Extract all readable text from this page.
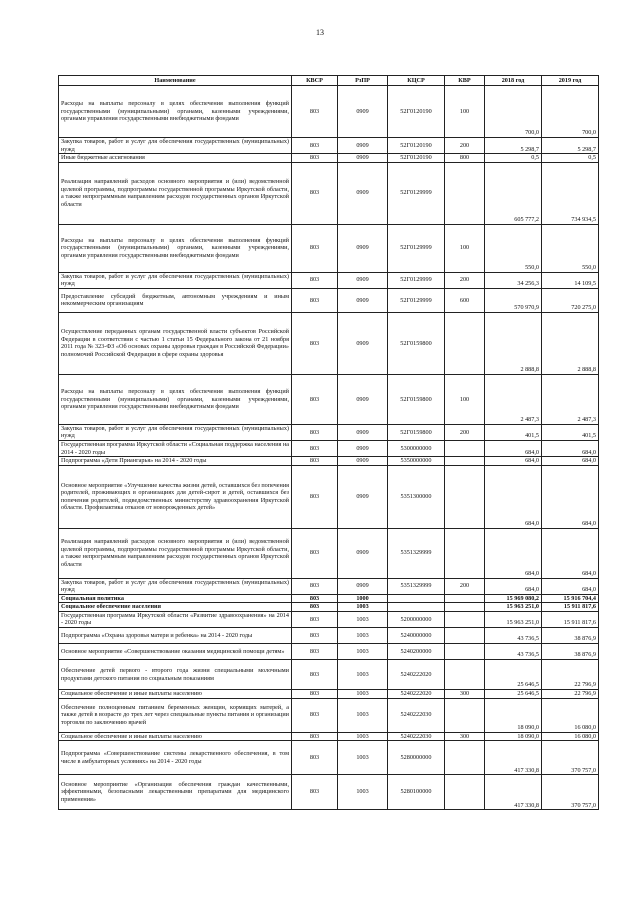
13
Наименование	КВСР	РзПР	КЦСР	КВР	2018 год	2019 год
Расходы на выплаты персоналу в целях обеспечения выполнения функций государственными (муниципальными) органами, казенными учреждениями, органами управления государственными внебюджетными фондами	803	0909	52Г0120190	100	700,0	700,0
Закупка товаров, работ и услуг для обеспечения государственных (муниципальных) нужд	803	0909	52Г0120190	200	5 298,7	5 298,7
Иные бюджетные ассигнования	803	0909	52Г0120190	800	0,5	0,5
Реализация направлений расходов основного мероприятия и (или) ведомственной целевой программы, подпрограммы государственной программы Иркутской области, а также непрограммным направлениям расходов государственных органов Иркутской области	803	0909	52Г0129999		605 777,2	734 934,5
Расходы на выплаты персоналу в целях обеспечения выполнения функций государственными (муниципальными) органами, казенными учреждениями, органами управления государственными внебюджетными фондами	803	0909	52Г0129999	100	550,0	550,0
Закупка товаров, работ и услуг для обеспечения государственных (муниципальных) нужд	803	0909	52Г0129999	200	34 256,3	14 109,5
Предоставление субсидий бюджетным, автономным учреждениям и иным некоммерческим организациям	803	0909	52Г0129999	600	570 970,9	720 275,0
Осуществление переданных органам государственной власти субъектов Российской Федерации в соответствии с частью 1 статьи 15 Федерального закона от 21 ноября 2011 года № 323-ФЗ «Об основах охраны здоровья граждан в Российской Федерации» полномочий Российской Федерации в сфере охраны здоровья	803	0909	52Г0159800		2 888,8	2 888,8
Расходы на выплаты персоналу в целях обеспечения выполнения функций государственными (муниципальными) органами, казенными учреждениями, органами управления государственными внебюджетными фондами	803	0909	52Г0159800	100	2 487,3	2 487,3
Закупка товаров, работ и услуг для обеспечения государственных (муниципальных) нужд	803	0909	52Г0159800	200	401,5	401,5
Государственная программа Иркутской области «Социальная поддержка населения на 2014 - 2020 годы	803	0909	5300000000		684,0	684,0
Подпрограмма «Дети Приангарья» на 2014 - 2020 годы	803	0909	5350000000		684,0	684,0
Основное мероприятие «Улучшение качества жизни детей, оставшихся без попечения родителей, проживающих в организациях для детей-сирот и детей, оставшихся без попечения родителей, подведомственных министерству здравоохранения Иркутской области. Профилактика отказов от новорожденных детей»	803	0909	5351300000		684,0	684,0
Реализация направлений расходов основного мероприятия и (или) ведомственной целевой программы, подпрограммы государственной программы Иркутской области, а также непрограммным направлениям расходов государственных органов Иркутской области	803	0909	5351329999		684,0	684,0
Закупка товаров, работ и услуг для обеспечения государственных (муниципальных) нужд	803	0909	5351329999	200	684,0	684,0
Социальная политика	803	1000			15 969 080,2	15 916 704,4
Социальное обеспечение населения	803	1003			15 963 251,0	15 911 817,6
Государственная программа Иркутской области «Развитие здравоохранения» на 2014 - 2020 годы	803	1003	5200000000		15 963 251,0	15 911 817,6
Подпрограмма «Охрана здоровья матери и ребенка» на 2014 - 2020 годы	803	1003	5240000000		43 736,5	38 876,9
Основное мероприятие «Совершенствование оказания медицинской помощи детям»	803	1003	5240200000		43 736,5	38 876,9
Обеспечение детей первого - второго года жизни специальными молочными продуктами детского питания по социальным показаниям	803	1003	5240222020		25 646,5	22 796,9
Социальное обеспечение и иные выплаты населению	803	1003	5240222020	300	25 646,5	22 796,9
Обеспечение полноценным питанием беременных женщин, кормящих матерей, а также детей в возрасте до трех лет через специальные пункты питания и организации торговли по заключению врачей	803	1003	5240222030		18 090,0	16 080,0
Социальное обеспечение и иные выплаты населению	803	1003	5240222030	300	18 090,0	16 080,0
Подпрограмма «Совершенствование системы лекарственного обеспечения, в том числе в амбулаторных условиях» на 2014 - 2020 годы	803	1003	5280000000		417 330,8	370 757,0
Основное мероприятие «Организация обеспечения граждан качественными, эффективными, безопасными лекарственными препаратами для медицинского применения»	803	1003	5280100000		417 330,8	370 757,0
